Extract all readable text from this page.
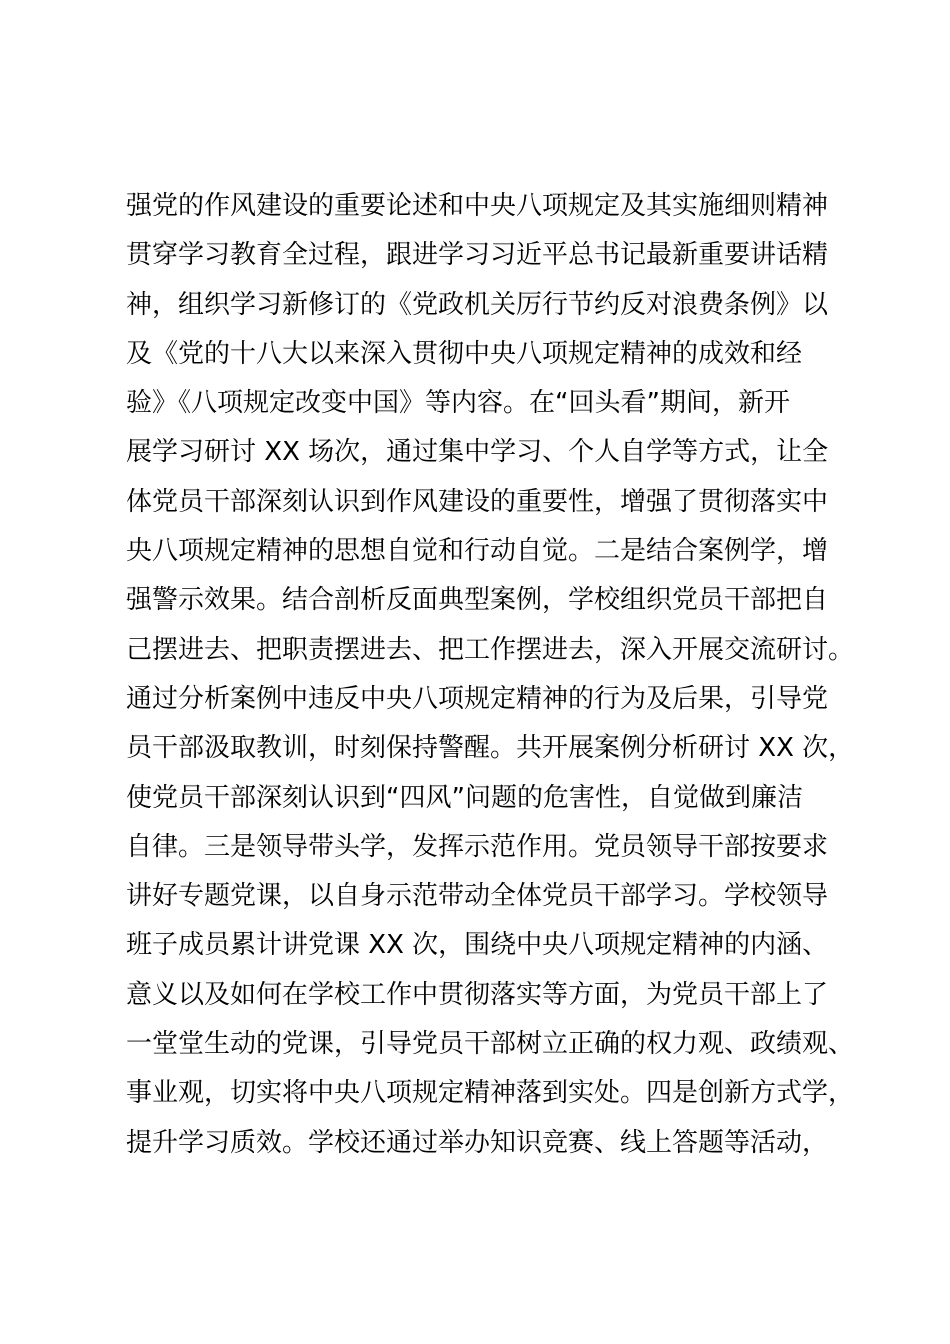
强党的作风建设的重要论述和中央八项规定及其实施细则精神
贯穿学习教育全过程，跟进学习习近平总书记最新重要讲话精
神，组织学习新修订的《党政机关厉行节约反对浪费条例》以
及《党的十八大以来深入贯彻中央八项规定精神的成效和经
验》《八项规定改变中国》等内容。在“回头看”期间，新开
展学习研讨 XX 场次，通过集中学习、个人自学等方式，让全
体党员干部深刻认识到作风建设的重要性，增强了贯彻落实中
央八项规定精神的思想自觉和行动自觉。二是结合案例学，增
强警示效果。结合剖析反面典型案例，学校组织党员干部把自
己摆进去、把职责摆进去、把工作摆进去，深入开展交流研讨。
通过分析案例中违反中央八项规定精神的行为及后果，引导党
员干部汲取教训，时刻保持警醒。共开展案例分析研讨 XX 次，
使党员干部深刻认识到“四风”问题的危害性，自觉做到廉洁
自律。三是领导带头学，发挥示范作用。党员领导干部按要求
讲好专题党课，以自身示范带动全体党员干部学习。学校领导
班子成员累计讲党课 XX 次，围绕中央八项规定精神的内涵、
意义以及如何在学校工作中贯彻落实等方面，为党员干部上了
一堂堂生动的党课，引导党员干部树立正确的权力观、政绩观、
事业观，切实将中央八项规定精神落到实处。四是创新方式学，
提升学习质效。学校还通过举办知识竞赛、线上答题等活动，
